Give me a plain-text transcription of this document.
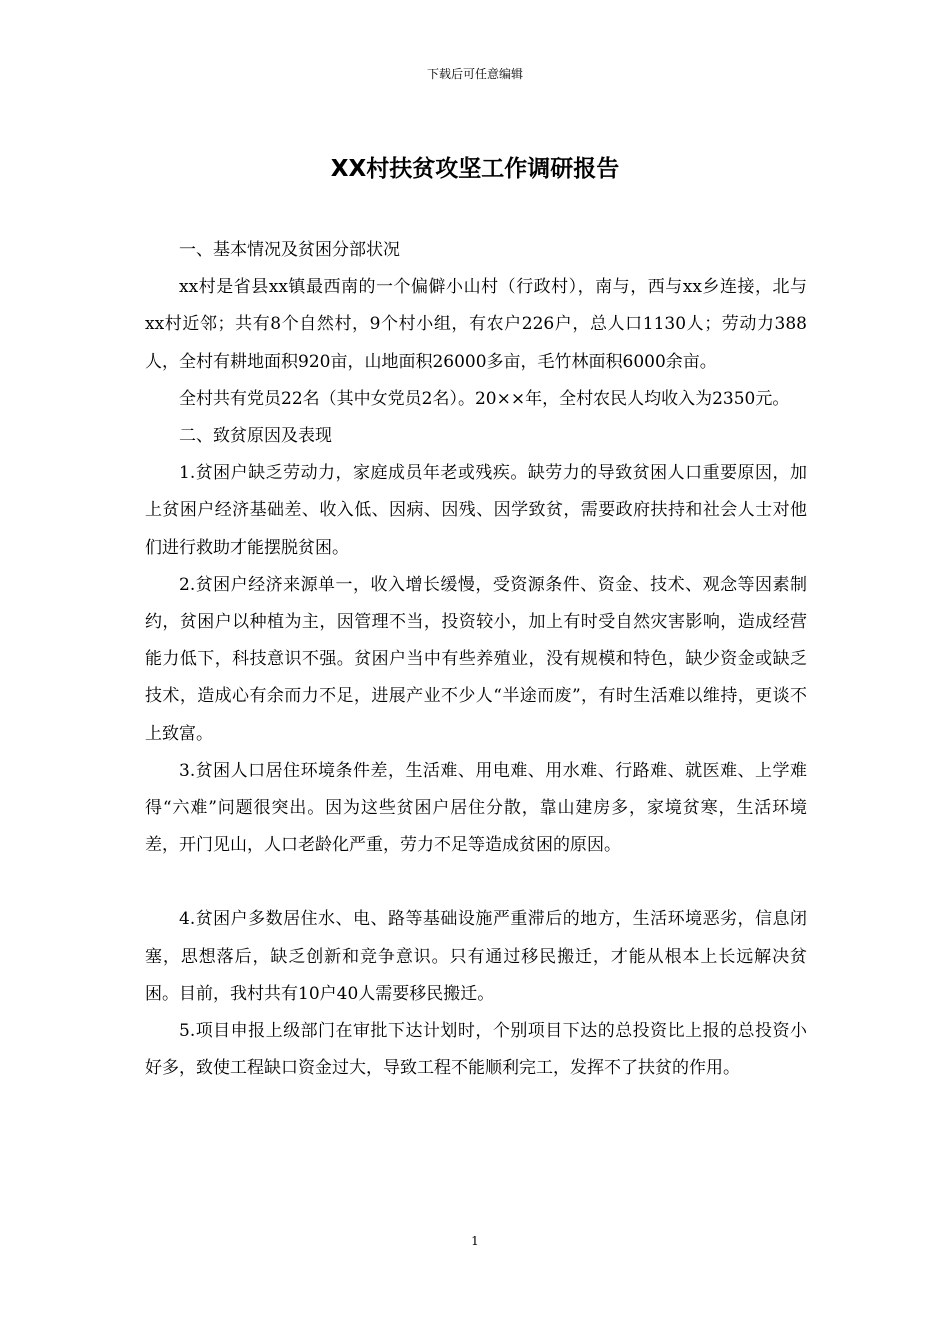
下载后可任意编辑
XX村扶贫攻坚工作调研报告

一、基本情况及贫困分部状况

xx村是省县xx镇最西南的一个偏僻小山村（行政村），南与，西与xx乡连接，北与xx村近邻；共有8个自然村，9个村小组，有农户226户，总人口1130人；劳动力388人，全村有耕地面积920亩，山地面积26000多亩，毛竹林面积6000余亩。

全村共有党员22名（其中女党员2名）。20××年，全村农民人均收入为2350元。

二、致贫原因及表现

1.贫困户缺乏劳动力，家庭成员年老或残疾。缺劳力的导致贫困人口重要原因，加上贫困户经济基础差、收入低、因病、因残、因学致贫，需要政府扶持和社会人士对他们进行救助才能摆脱贫困。

2.贫困户经济来源单一，收入增长缓慢，受资源条件、资金、技术、观念等因素制约，贫困户以种植为主，因管理不当，投资较小，加上有时受自然灾害影响，造成经营能力低下，科技意识不强。贫困户当中有些养殖业，没有规模和特色，缺少资金或缺乏技术，造成心有余而力不足，进展产业不少人“半途而废”，有时生活难以维持，更谈不上致富。

3.贫困人口居住环境条件差，生活难、用电难、用水难、行路难、就医难、上学难得“六难”问题很突出。因为这些贫困户居住分散，靠山建房多，家境贫寒，生活环境差，开门见山，人口老龄化严重，劳力不足等造成贫困的原因。

4.贫困户多数居住水、电、路等基础设施严重滞后的地方，生活环境恶劣，信息闭塞，思想落后，缺乏创新和竞争意识。只有通过移民搬迁，才能从根本上长远解决贫困。目前，我村共有10户40人需要移民搬迁。

5.项目申报上级部门在审批下达计划时，个别项目下达的总投资比上报的总投资小好多，致使工程缺口资金过大，导致工程不能顺利完工，发挥不了扶贫的作用。

1
